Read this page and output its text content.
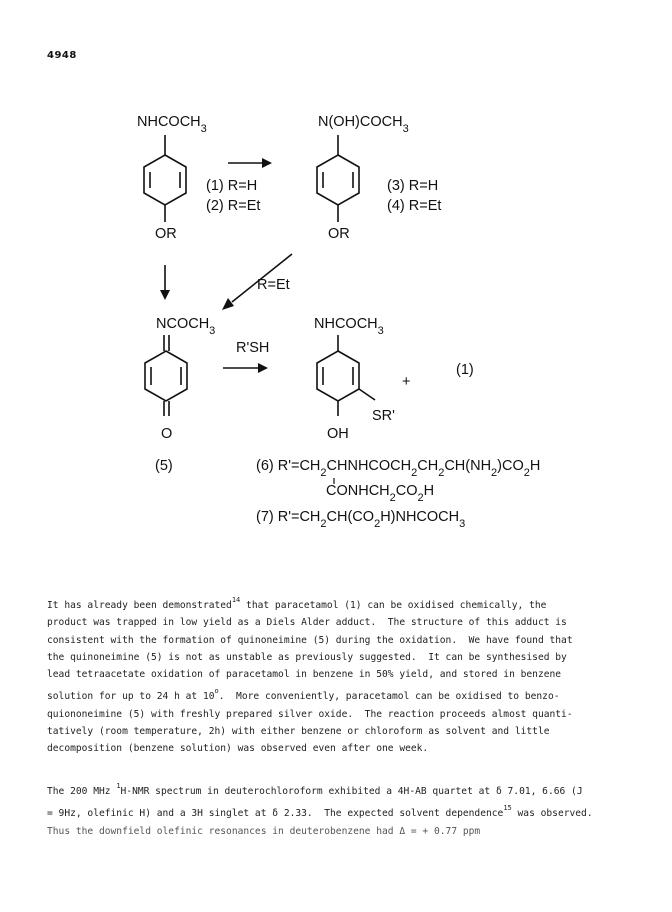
4948
$NHCOCH_3$
(1) R=H
(2) R=Et
OR
$N(OH)COCH_3$
(3) R=H
(4) R=Et
OR
R=Et
$NCOCH_3$
O
(5)
R'SH
$NHCOCH_3$
SR'
OH
+
(1)
(6) $R'=CH_2CHNHCOCH_2CH_2CH(NH_2)CO_2H$
$CONHCH_2CO_2H$
(7) $R'=CH_2CH(CO_2H)NHCOCH_3$
It has already been demonstrated$^{14}$ that paracetamol (1) can be oxidised chemically, the
product was trapped in low yield as a Diels Alder adduct.  The structure of this adduct is
consistent with the formation of quinoneimine (5) during the oxidation.  We have found that
the quinoneimine (5) is not as unstable as previously suggested.  It can be synthesised by
lead tetraacetate oxidation of paracetamol in benzene in 50% yield, and stored in benzene
solution for up to 24 h at 10$^o$.  More conveniently, paracetamol can be oxidised to benzo-
quiononeimine (5) with freshly prepared silver oxide.  The reaction proceeds almost quanti-
tatively (room temperature, 2h) with either benzene or chloroform as solvent and little
decomposition (benzene solution) was observed even after one week.
The 200 MHz $^1$H-NMR spectrum in deuterochloroform exhibited a 4H-AB quartet at δ 7.01, 6.66 (J
= 9Hz, olefinic H) and a 3H singlet at δ 2.33.  The expected solvent dependence$^{15}$ was observed.
Thus the downfield olefinic resonances in deuterobenzene had Δ = + 0.77 ppm
